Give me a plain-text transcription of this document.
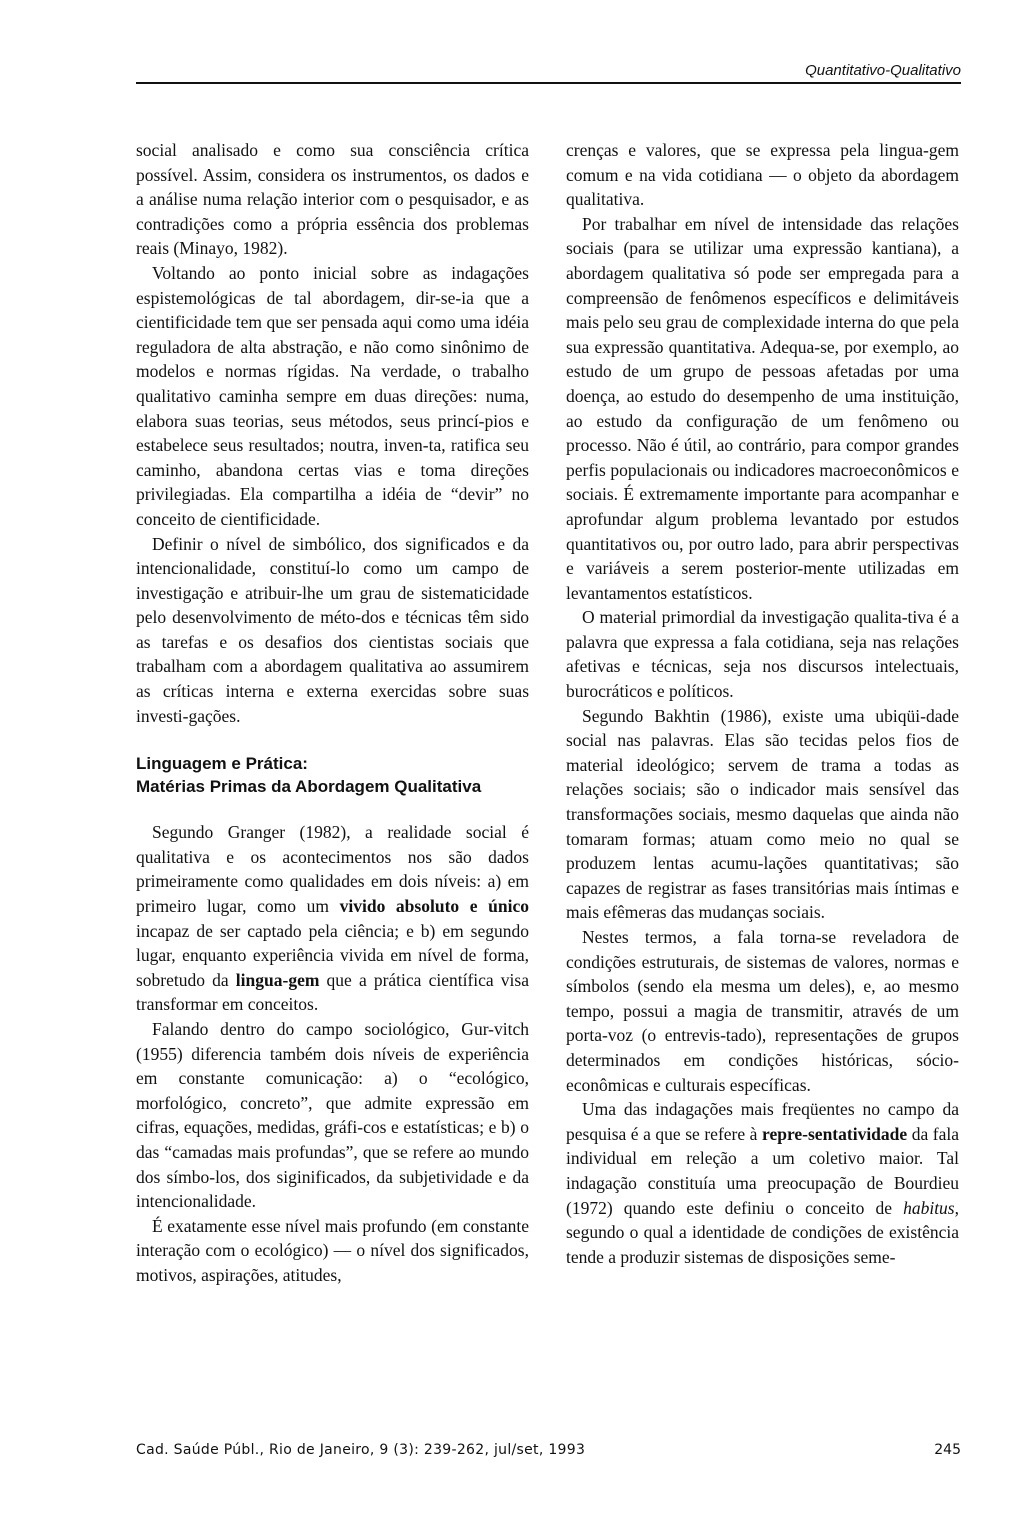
Quantitativo-Qualitativo

social analisado e como sua consciência crítica possível. Assim, considera os instrumentos, os dados e a análise numa relação interior com o pesquisador, e as contradições como a própria essência dos problemas reais (Minayo, 1982).

Voltando ao ponto inicial sobre as indagações espistemológicas de tal abordagem, dir-se-ia que a cientificidade tem que ser pensada aqui como uma idéia reguladora de alta abstração, e não como sinônimo de modelos e normas rígidas. Na verdade, o trabalho qualitativo caminha sempre em duas direções: numa, elabora suas teorias, seus métodos, seus princí-pios e estabelece seus resultados; noutra, inven-ta, ratifica seu caminho, abandona certas vias e toma direções privilegiadas. Ela compartilha a idéia de “devir” no conceito de cientificidade.

Definir o nível de simbólico, dos significados e da intencionalidade, constituí-lo como um campo de investigação e atribuir-lhe um grau de sistematicidade pelo desenvolvimento de méto-dos e técnicas têm sido as tarefas e os desafios dos cientistas sociais que trabalham com a abordagem qualitativa ao assumirem as críticas interna e externa exercidas sobre suas investi-gações.

Linguagem e Prática:
Matérias Primas da Abordagem Qualitativa

Segundo Granger (1982), a realidade social é qualitativa e os acontecimentos nos são dados primeiramente como qualidades em dois níveis: a) em primeiro lugar, como um vivido absoluto e único incapaz de ser captado pela ciência; e b) em segundo lugar, enquanto experiência vivida em nível de forma, sobretudo da lingua-gem que a prática científica visa transformar em conceitos.

Falando dentro do campo sociológico, Gur-vitch (1955) diferencia também dois níveis de experiência em constante comunicação: a) o “ecológico, morfológico, concreto”, que admite expressão em cifras, equações, medidas, gráfi-cos e estatísticas; e b) o das “camadas mais profundas”, que se refere ao mundo dos símbo-los, dos siginificados, da subjetividade e da intencionalidade.

É exatamente esse nível mais profundo (em constante interação com o ecológico) — o nível dos significados, motivos, aspirações, atitudes,

crenças e valores, que se expressa pela lingua-gem comum e na vida cotidiana — o objeto da abordagem qualitativa.

Por trabalhar em nível de intensidade das relações sociais (para se utilizar uma expressão kantiana), a abordagem qualitativa só pode ser empregada para a compreensão de fenômenos específicos e delimitáveis mais pelo seu grau de complexidade interna do que pela sua expressão quantitativa. Adequa-se, por exemplo, ao estudo de um grupo de pessoas afetadas por uma doença, ao estudo do desempenho de uma instituição, ao estudo da configuração de um fenômeno ou processo. Não é útil, ao contrário, para compor grandes perfis populacionais ou indicadores macroeconômicos e sociais. É extremamente importante para acompanhar e aprofundar algum problema levantado por estudos quantitativos ou, por outro lado, para abrir perspectivas e variáveis a serem posterior-mente utilizadas em levantamentos estatísticos.

O material primordial da investigação qualita-tiva é a palavra que expressa a fala cotidiana, seja nas relações afetivas e técnicas, seja nos discursos intelectuais, burocráticos e políticos.

Segundo Bakhtin (1986), existe uma ubiqüi-dade social nas palavras. Elas são tecidas pelos fios de material ideológico; servem de trama a todas as relações sociais; são o indicador mais sensível das transformações sociais, mesmo daquelas que ainda não tomaram formas; atuam como meio no qual se produzem lentas acumu-lações quantitativas; são capazes de registrar as fases transitórias mais íntimas e mais efêmeras das mudanças sociais.

Nestes termos, a fala torna-se reveladora de condições estruturais, de sistemas de valores, normas e símbolos (sendo ela mesma um deles), e, ao mesmo tempo, possui a magia de transmitir, através de um porta-voz (o entrevis-tado), representações de grupos determinados em condições históricas, sócio-econômicas e culturais específicas.

Uma das indagações mais freqüentes no campo da pesquisa é a que se refere à repre-sentatividade da fala individual em releção a um coletivo maior. Tal indagação constituía uma preocupação de Bourdieu (1972) quando este definiu o conceito de habitus, segundo o qual a identidade de condições de existência tende a produzir sistemas de disposições seme-

Cad. Saúde Públ., Rio de Janeiro, 9 (3): 239-262, jul/set, 1993	245
